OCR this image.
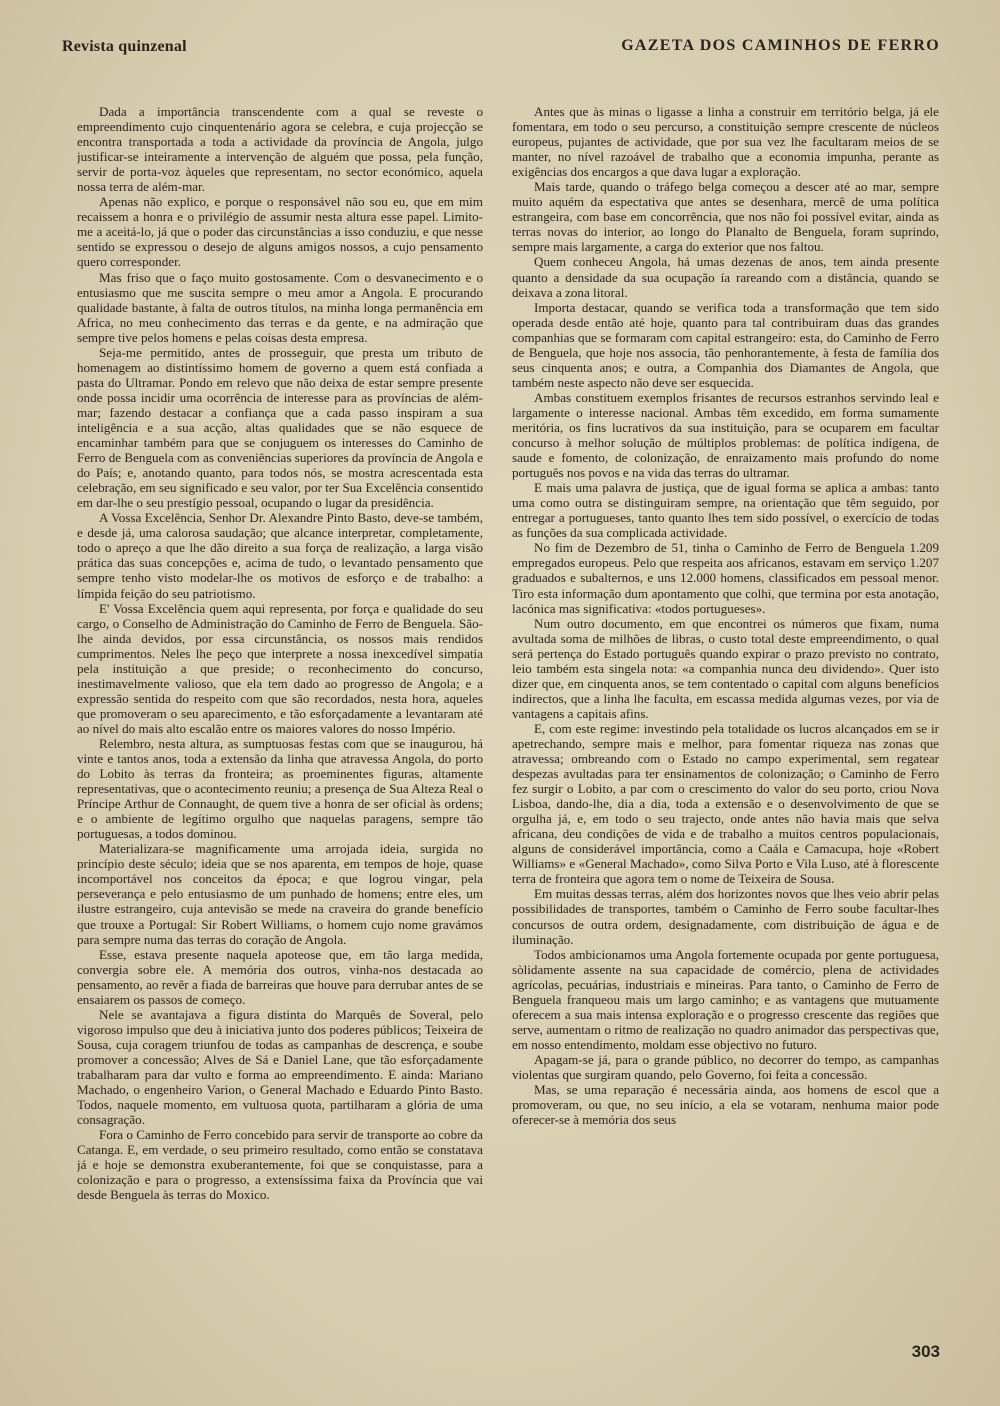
Revista quinzenal	GAZETA DOS CAMINHOS DE FERRO

Dada a importância transcendente com a qual se reveste o empreendimento cujo cinquentenário agora se celebra, e cuja projecção se encontra transportada a toda a actividade da província de Angola, julgo justificar-se inteiramente a intervenção de alguém que possa, pela função, servir de porta-voz àqueles que representam, no sector económico, aquela nossa terra de além-mar.

Apenas não explico, e porque o responsável não sou eu, que em mim recaissem a honra e o privilégio de assumir nesta altura esse papel. Limito-me a aceitá-lo, já que o poder das circunstâncias a isso conduziu, e que nesse sentido se expressou o desejo de alguns amigos nossos, a cujo pensamento quero corresponder.

Mas friso que o faço muito gostosamente. Com o desvanecimento e o entusiasmo que me suscita sempre o meu amor a Angola. E procurando qualidade bastante, à falta de outros títulos, na minha longa permanência em Africa, no meu conhecimento das terras e da gente, e na admiração que sempre tive pelos homens e pelas coisas desta empresa.

Seja-me permitido, antes de prosseguir, que presta um tributo de homenagem ao distintíssimo homem de governo a quem está confiada a pasta do Ultramar. Pondo em relevo que não deixa de estar sempre presente onde possa incidir uma ocorrência de interesse para as províncias de além-mar; fazendo destacar a confiança que a cada passo inspiram a sua inteligência e a sua acção, altas qualidades que se não esquece de encaminhar também para que se conjuguem os interesses do Caminho de Ferro de Benguela com as conveniências superiores da província de Angola e do País; e, anotando quanto, para todos nós, se mostra acrescentada esta celebração, em seu significado e seu valor, por ter Sua Excelência consentido em dar-lhe o seu prestígio pessoal, ocupando o lugar da presidência.

A Vossa Excelência, Senhor Dr. Alexandre Pinto Basto, deve-se também, e desde já, uma calorosa saudação; que alcance interpretar, completamente, todo o apreço a que lhe dão direito a sua força de realização, a larga visão prática das suas concepções e, acima de tudo, o levantado pensamento que sempre tenho visto modelar-lhe os motivos de esforço e de trabalho: a límpida feição do seu patriotismo.

E' Vossa Excelência quem aqui representa, por força e qualidade do seu cargo, o Conselho de Administração do Caminho de Ferro de Benguela. São-lhe ainda devidos, por essa circunstância, os nossos mais rendidos cumprimentos. Neles lhe peço que interprete a nossa inexcedível simpatia pela instituição a que preside; o reconhecimento do concurso, inestimavelmente valioso, que ela tem dado ao progresso de Angola; e a expressão sentida do respeito com que são recordados, nesta hora, aqueles que promoveram o seu aparecimento, e tão esforçadamente a levantaram até ao nível do mais alto escalão entre os maiores valores do nosso Império.

Relembro, nesta altura, as sumptuosas festas com que se inaugurou, há vinte e tantos anos, toda a extensão da linha que atravessa Angola, do porto do Lobito às terras da fronteira; as proeminentes figuras, altamente representativas, que o acontecimento reuniu; a presença de Sua Alteza Real o Príncipe Arthur de Connaught, de quem tive a honra de ser oficial às ordens; e o ambiente de legítimo orgulho que naquelas paragens, sempre tão portuguesas, a todos dominou.

Materializara-se magnificamente uma arrojada ideia, surgida no princípio deste século; ideia que se nos aparenta, em tempos de hoje, quase incomportável nos conceitos da época; e que logrou vingar, pela perseverança e pelo entusiasmo de um punhado de homens; entre eles, um ilustre estrangeiro, cuja antevisão se mede na craveira do grande benefício que trouxe a Portugal: Sir Robert Williams, o homem cujo nome gravámos para sempre numa das terras do coração de Angola.

Esse, estava presente naquela apoteose que, em tão larga medida, convergia sobre ele. A memória dos outros, vinha-nos destacada ao pensamento, ao revêr a fiada de barreiras que houve para derrubar antes de se ensaiarem os passos de começo.

Nele se avantajava a figura distinta do Marquês de Soveral, pelo vigoroso impulso que deu à iniciativa junto dos poderes públicos; Teixeira de Sousa, cuja coragem triunfou de todas as campanhas de descrença, e soube promover a concessão; Alves de Sá e Daniel Lane, que tão esforçadamente trabalharam para dar vulto e forma ao empreendimento. E ainda: Mariano Machado, o engenheiro Varion, o General Machado e Eduardo Pinto Basto. Todos, naquele momento, em vultuosa quota, partilharam a glória de uma consagração.

Fora o Caminho de Ferro concebido para servir de transporte ao cobre da Catanga. E, em verdade, o seu primeiro resultado, como então se constatava já e hoje se demonstra exuberantemente, foi que se conquistasse, para a colonização e para o progresso, a extensíssima faixa da Província que vai desde Benguela às terras do Moxico.

Antes que às minas o ligasse a linha a construir em território belga, já ele fomentara, em todo o seu percurso, a constituição sempre crescente de núcleos europeus, pujantes de actividade, que por sua vez lhe facultaram meios de se manter, no nível razoável de trabalho que a economia impunha, perante as exigências dos encargos a que dava lugar a exploração.

Mais tarde, quando o tráfego belga começou a descer até ao mar, sempre muito aquém da espectativa que antes se desenhara, mercê de uma política estrangeira, com base em concorrência, que nos não foi possível evitar, ainda as terras novas do interior, ao longo do Planalto de Benguela, foram suprindo, sempre mais largamente, a carga do exterior que nos faltou.

Quem conheceu Angola, há umas dezenas de anos, tem ainda presente quanto a densidade da sua ocupação ía rareando com a distância, quando se deixava a zona litoral.

Importa destacar, quando se verifica toda a transformação que tem sido operada desde então até hoje, quanto para tal contribuiram duas das grandes companhias que se formaram com capital estrangeiro: esta, do Caminho de Ferro de Benguela, que hoje nos associa, tão penhorantemente, à festa de família dos seus cinquenta anos; e outra, a Companhia dos Diamantes de Angola, que também neste aspecto não deve ser esquecida.

Ambas constituem exemplos frisantes de recursos estranhos servindo leal e largamente o interesse nacional. Ambas têm excedido, em forma sumamente meritória, os fins lucrativos da sua instituição, para se ocuparem em facultar concurso à melhor solução de múltiplos problemas: de política indígena, de saude e fomento, de colonização, de enraizamento mais profundo do nome português nos povos e na vida das terras do ultramar.

E mais uma palavra de justiça, que de igual forma se aplica a ambas: tanto uma como outra se distinguiram sempre, na orientação que têm seguido, por entregar a portugueses, tanto quanto lhes tem sido possível, o exercício de todas as funções da sua complicada actividade.

No fim de Dezembro de 51, tinha o Caminho de Ferro de Benguela 1.209 empregados europeus. Pelo que respeita aos africanos, estavam em serviço 1.207 graduados e subalternos, e uns 12.000 homens, classificados em pessoal menor. Tiro esta informação dum apontamento que colhi, que termina por esta anotação, lacónica mas significativa: «todos portugueses».

Num outro documento, em que encontrei os números que fixam, numa avultada soma de milhões de libras, o custo total deste empreendimento, o qual será pertença do Estado português quando expirar o prazo previsto no contrato, leio também esta singela nota: «a companhia nunca deu dividendo». Quer isto dizer que, em cinquenta anos, se tem contentado o capital com alguns benefícios indirectos, que a linha lhe faculta, em escassa medida algumas vezes, por via de vantagens a capitais afins.

E, com este regime: investindo pela totalidade os lucros alcançados em se ir apetrechando, sempre mais e melhor, para fomentar riqueza nas zonas que atravessa; ombreando com o Estado no campo experimental, sem regatear despezas avultadas para ter ensinamentos de colonização; o Caminho de Ferro fez surgir o Lobito, a par com o crescimento do valor do seu porto, criou Nova Lisboa, dando-lhe, dia a dia, toda a extensão e o desenvolvimento de que se orgulha já, e, em todo o seu trajecto, onde antes não havia mais que selva africana, deu condições de vida e de trabalho a muitos centros populacionais, alguns de considerável importância, como a Caála e Camacupa, hoje «Robert Williams» e «General Machado», como Silva Porto e Vila Luso, até à florescente terra de fronteira que agora tem o nome de Teixeira de Sousa.

Em muitas dessas terras, além dos horizontes novos que lhes veio abrir pelas possibilidades de transportes, também o Caminho de Ferro soube facultar-lhes concursos de outra ordem, designadamente, com distribuição de água e de iluminação.

Todos ambicionamos uma Angola fortemente ocupada por gente portuguesa, sòlidamente assente na sua capacidade de comércio, plena de actividades agrícolas, pecuárias, industriais e mineiras. Para tanto, o Caminho de Ferro de Benguela franqueou mais um largo caminho; e as vantagens que mutuamente oferecem a sua mais intensa exploração e o progresso crescente das regiões que serve, aumentam o ritmo de realização no quadro animador das perspectivas que, em nosso entendimento, moldam esse objectivo no futuro.

Apagam-se já, para o grande público, no decorrer do tempo, as campanhas violentas que surgiram quando, pelo Governo, foi feita a concessão.

Mas, se uma reparação é necessária ainda, aos homens de escol que a promoveram, ou que, no seu início, a ela se votaram, nenhuma maior pode oferecer-se à memória dos seus

303
